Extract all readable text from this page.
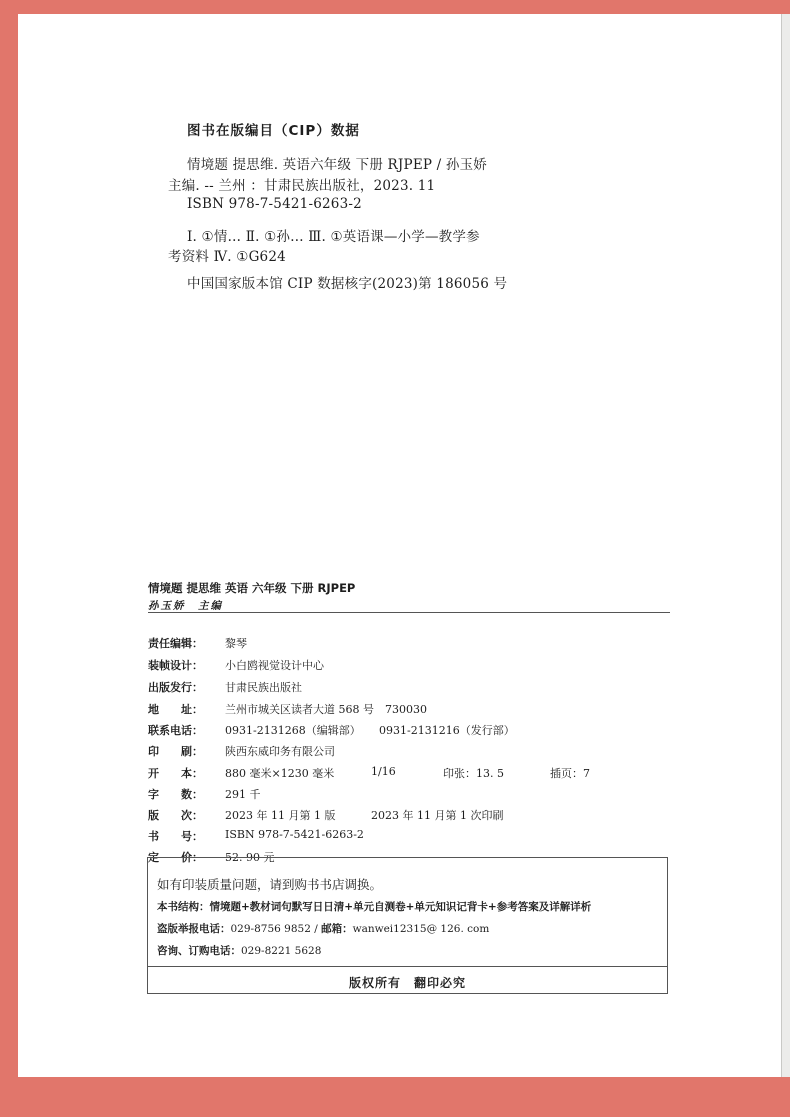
图书在版编目（CIP）数据
情境题 提思维. 英语六年级 下册 RJPEP / 孙玉娇
主编. -- 兰州 ：甘肃民族出版社，2023. 11
ISBN 978-7-5421-6263-2
Ⅰ. ①情… Ⅱ. ①孙… Ⅲ. ①英语课—小学—教学参
考资料 Ⅳ. ①G624
中国国家版本馆 CIP 数据核字(2023)第 186056 号
情境题 提思维 英语 六年级 下册 RJPEP
孙玉娇　主编
责任编辑： 黎琴
装帧设计： 小白鸥视觉设计中心
出版发行： 甘肃民族出版社
地　　址： 兰州市城关区读者大道 568 号　730030
联系电话： 0931-2131268（编辑部） 0931-2131216（发行部）
印　　刷： 陕西东威印务有限公司
开　　本： 880 毫米×1230 毫米	1/16	印张：13. 5	插页：7
字　　数： 291 千
版　　次： 2023 年 11 月第 1 版	2023 年 11 月第 1 次印刷
书　　号： ISBN 978-7-5421-6263-2
定　　价： 52. 90 元
如有印装质量问题，请到购书书店调换。
本书结构：情境题+教材词句默写日日清+单元自测卷+单元知识记背卡+参考答案及详解详析
盗版举报电话：029-8756 9852 / 邮箱：wanwei12315@ 126. com
咨询、订购电话：029-8221 5628
版权所有　翻印必究
